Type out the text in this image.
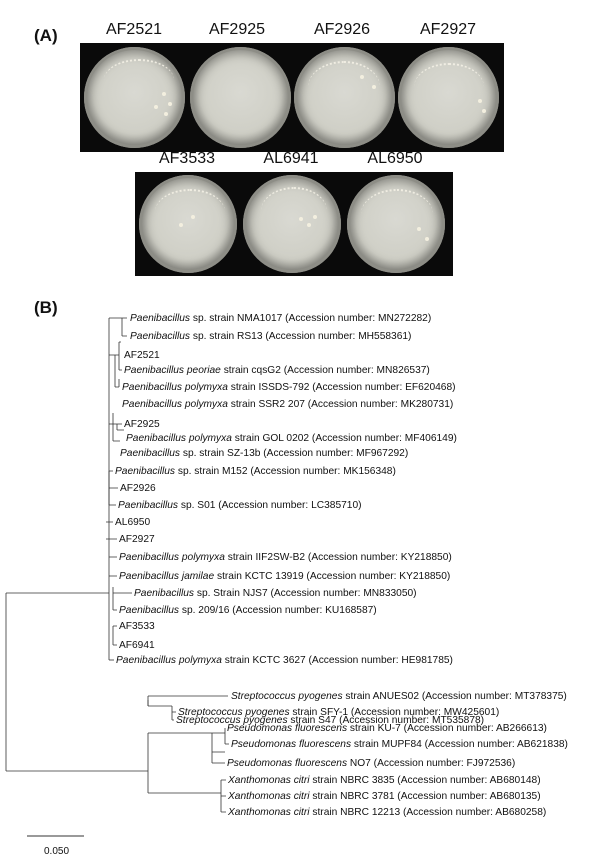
(A)	AF2521	AF2925	AF2926	AF2927
AF3533	AL6941	AL6950
(B)
Paenibacillus sp. strain NMA1017 (Accession number: MN272282)
Paenibacillus sp. strain RS13 (Accession number: MH558361)
AF2521
Paenibacillus peoriae strain cqsG2 (Accession number: MN826537)
Paenibacillus polymyxa strain ISSDS-792 (Accession number: EF620468)
Paenibacillus polymyxa strain SSR2 207 (Accession number: MK280731)
AF2925
Paenibacillus polymyxa strain GOL 0202 (Accession number: MF406149)
Paenibacillus sp. strain SZ-13b (Accession number: MF967292)
Paenibacillus sp. strain M152 (Accession number: MK156348)
AF2926
Paenibacillus sp. S01 (Accession number: LC385710)
AL6950
AF2927
Paenibacillus polymyxa strain IIF2SW-B2 (Accession number: KY218850)
Paenibacillus jamilae strain KCTC 13919 (Accession number: KY218850)
Paenibacillus sp. Strain NJS7 (Accession number: MN833050)
Paenibacillus sp. 209/16 (Accession number: KU168587)
AF3533
AF6941
Paenibacillus polymyxa strain KCTC 3627 (Accession number: HE981785)
Streptococcus pyogenes strain ANUES02 (Accession number: MT378375)
Streptococcus pyogenes strain SFY-1 (Accession number: MW425601)
Streptococcus pyogenes strain S47 (Accession number: MT535878)
Pseudomonas fluorescens strain KU-7 (Accession number: AB266613)
Pseudomonas fluorescens strain MUPF84 (Accession number: AB621838)
Pseudomonas fluorescens NO7 (Accession number: FJ972536)
Xanthomonas citri strain NBRC 3835 (Accession number: AB680148)
Xanthomonas citri strain NBRC 3781 (Accession number: AB680135)
Xanthomonas citri strain NBRC 12213 (Accession number: AB680258)
0.050
